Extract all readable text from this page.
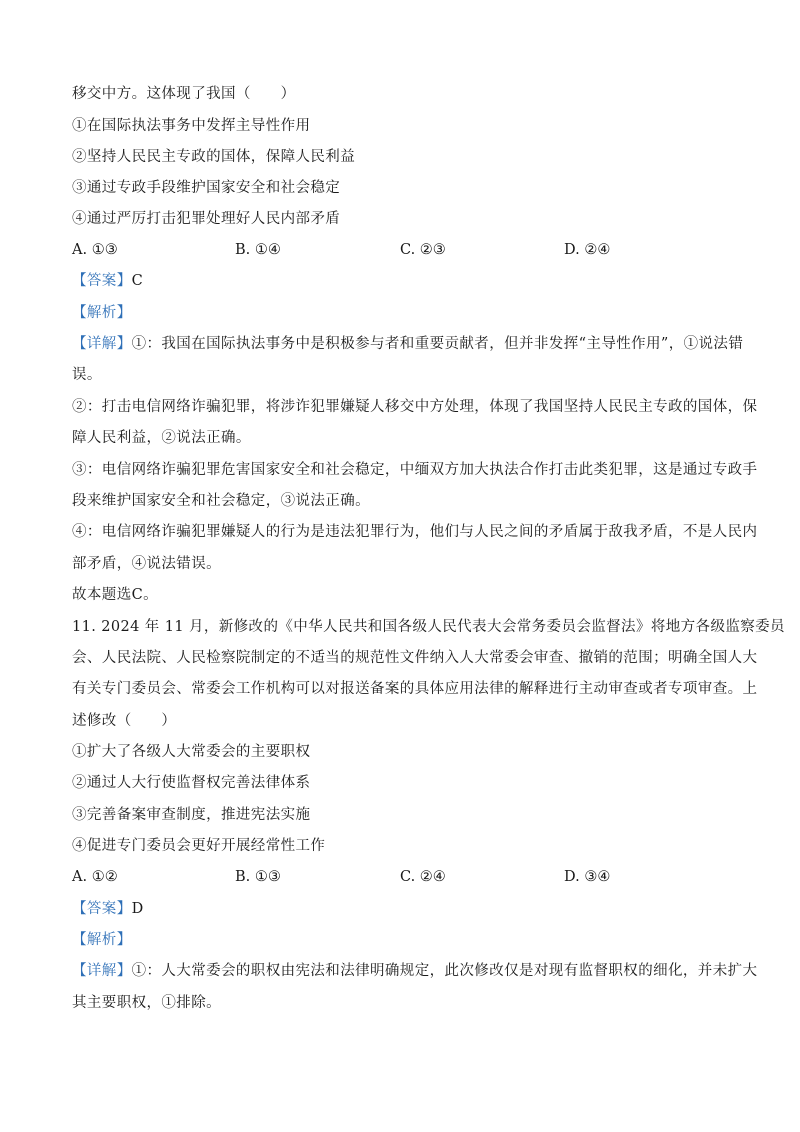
移交中方。这体现了我国（　　）
①在国际执法事务中发挥主导性作用
②坚持人民民主专政的国体，保障人民利益
③通过专政手段维护国家安全和社会稳定
④通过严厉打击犯罪处理好人民内部矛盾
A. ①③	B. ①④	C. ②③	D. ②④
【答案】C
【解析】
【详解】①：我国在国际执法事务中是积极参与者和重要贡献者，但并非发挥“主导性作用”，①说法错
误。
②：打击电信网络诈骗犯罪，将涉诈犯罪嫌疑人移交中方处理，体现了我国坚持人民民主专政的国体，保
障人民利益，②说法正确。
③：电信网络诈骗犯罪危害国家安全和社会稳定，中缅双方加大执法合作打击此类犯罪，这是通过专政手
段来维护国家安全和社会稳定，③说法正确。
④：电信网络诈骗犯罪嫌疑人的行为是违法犯罪行为，他们与人民之间的矛盾属于敌我矛盾，不是人民内
部矛盾，④说法错误。
故本题选C。
11. 2024 年 11 月，新修改的《中华人民共和国各级人民代表大会常务委员会监督法》将地方各级监察委员
会、人民法院、人民检察院制定的不适当的规范性文件纳入人大常委会审查、撤销的范围；明确全国人大
有关专门委员会、常委会工作机构可以对报送备案的具体应用法律的解释进行主动审查或者专项审查。上
述修改（　　）
①扩大了各级人大常委会的主要职权
②通过人大行使监督权完善法律体系
③完善备案审查制度，推进宪法实施
④促进专门委员会更好开展经常性工作
A. ①②	B. ①③	C. ②④	D. ③④
【答案】D
【解析】
【详解】①：人大常委会的职权由宪法和法律明确规定，此次修改仅是对现有监督职权的细化，并未扩大
其主要职权，①排除。
